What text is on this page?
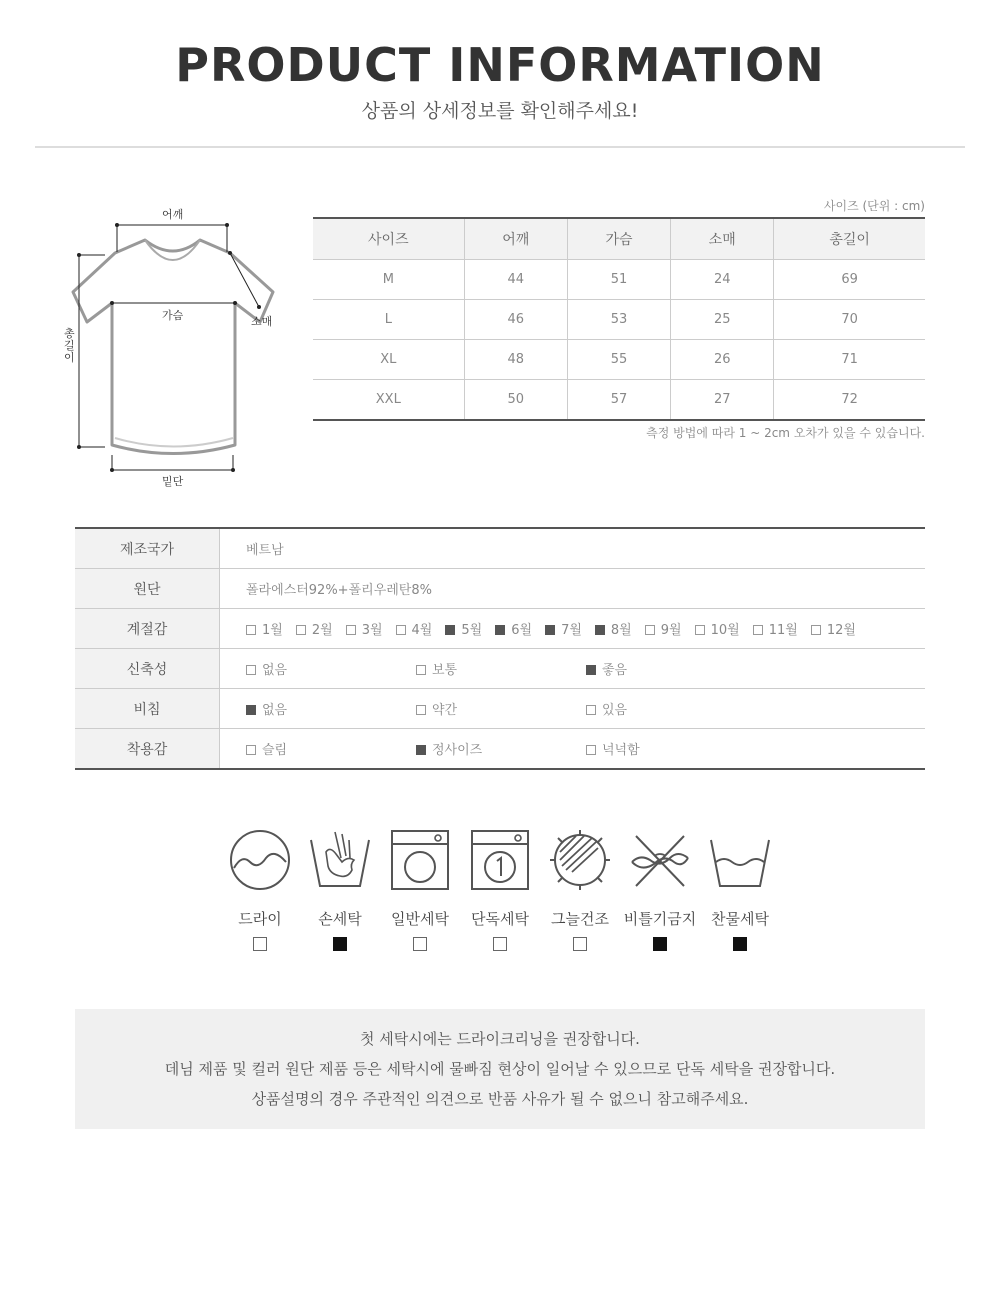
PRODUCT INFORMATION
상품의 상세정보를 확인해주세요!
어깨
가슴	소매
총길이
밑단
사이즈 (단위 : cm)
사이즈	어깨	가슴	소매	총길이
M	44	51	24	69
L	46	53	25	70
XL	48	55	26	71
XXL	50	57	27	72
측정 방법에 따라 1 ~ 2cm 오차가 있을 수 있습니다.
제조국가	베트남
원단	폴라에스터92%+폴리우레탄8%
계절감	1월 2월 3월 4월 5월 6월 7월 8월 9월 10월 11월 12월
신축성	없음 보통 좋음
비침	없음 약간 있음
착용감	슬림 정사이즈 넉넉함
드라이	손세탁	일반세탁	단독세탁	그늘건조 비틀기금지 찬물세탁

첫 세탁시에는 드라이크리닝을 권장합니다.

데님 제품 및 컬러 원단 제품 등은 세탁시에 물빠짐 현상이 일어날 수 있으므로 단독 세탁을 권장합니다.

상품설명의 경우 주관적인 의견으로 반품 사유가 될 수 없으니 참고해주세요.
